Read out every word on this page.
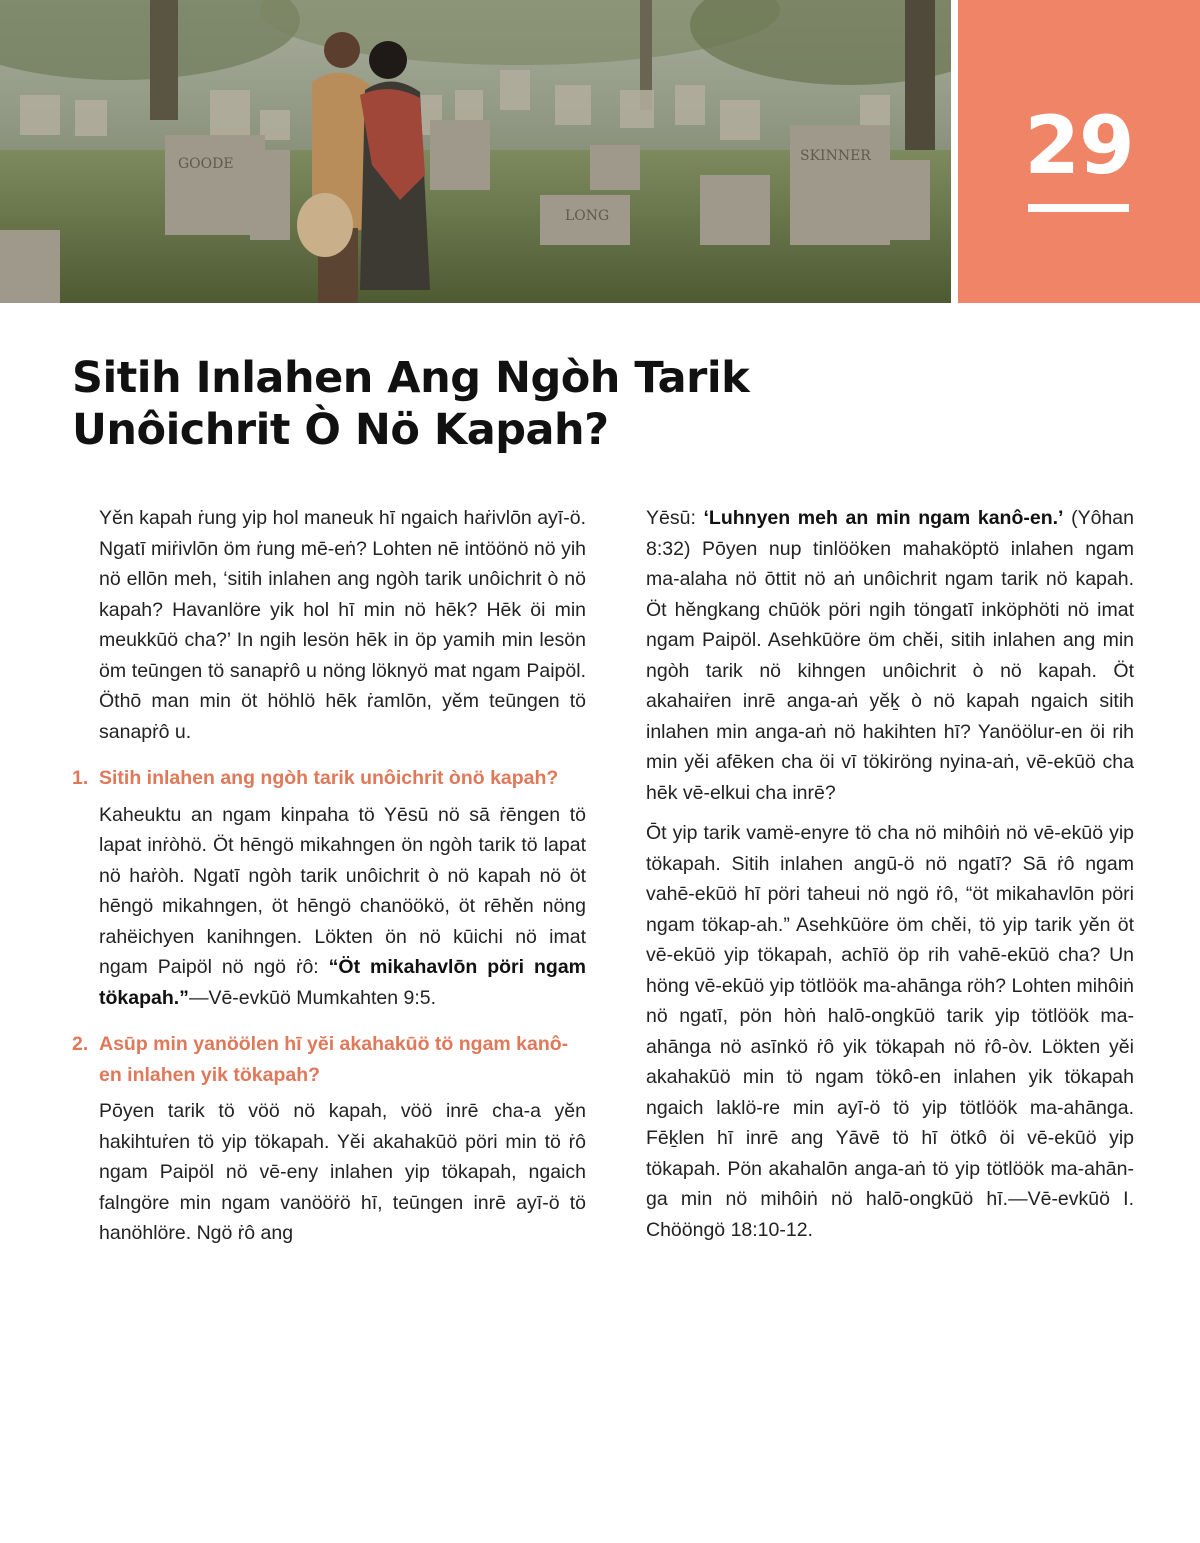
GOODE	SKINNER
LONG
29
Sitih Inlahen Ang Ngòh Tarik Unôichrit Ò Nö Kapah?

Yĕn kapah ṙung yip hol maneuk hī ngaich haṙivlōn ayī-ö. Ngatī miṙivlōn öm ṙung mē-eṅ? Lohten nē intöönö nö yih nö ellōn meh, ‘sitih inlahen ang ngòh tarik unôichrit ò nö kapah? Havanlöre yik hol hī min nö hēk? Hēk öi min meukkūö cha?’ In ngih lesön hēk in öp yamih min lesön öm teūngen tö sanapṙô u nöng löknyö mat ngam Paipöl. Öthō man min öt höhlö hēk ṙamlōn, yĕm teūngen tö sanapṙô u.

1. Sitih inlahen ang ngòh tarik unôichrit ònö kapah?

Kaheuktu an ngam kinpaha tö Yēsū nö sā ṙēngen tö lapat inṙòhö. Öt hēngö mikahngen ön ngòh tarik tö lapat nö haṙòh. Ngatī ngòh tarik unôichrit ò nö kapah nö öt hēngö mikahngen, öt hēngö chanöökö, öt rēhĕn nöng rahëichyen kanihngen. Lökten ön nö kūichi nö imat ngam Paipöl nö ngö ṙô: “Öt mikahavlōn pöri ngam tökapah.”—Vē-evkūö Mumkahten 9:5.

2. Asūp min yanöölen hī yĕi akahakūö tö ngam kanô-en inlahen yik tökapah?

Pōyen tarik tö vöö nö kapah, vöö inrē cha-a yĕn hakihtuṙen tö yip tökapah. Yĕi akahakūö pöri min tö ṙô ngam Paipöl nö vē-eny inlahen yip tökapah, ngaich falngöre min ngam vanööṙö hī, teūngen inrē ayī-ö tö hanöhlöre. Ngö ṙô ang

Yēsū: ‘Luhnyen meh an min ngam kanô-en.’ (Yôhan 8:32) Pōyen nup tinlööken mahaköptö inlahen ngam ma-alaha nö ōttit nö aṅ unôichrit ngam tarik nö kapah. Öt hĕngkang chūök pöri ngih töngatī inköphöti nö imat ngam Paipöl. Asehkūöre öm chĕi, sitih inlahen ang min ngòh tarik nö kihngen unôichrit ò nö kapah. Öt akahaiṙen inrē anga-aṅ yĕḵ ò nö kapah ngaich sitih inlahen min anga-aṅ nö hakihten hī? Yanöölur-en öi rih min yĕi afēken cha öi vī tökiröng nyina-aṅ, vē-ekūö cha hēk vē-elkui cha inrē?

Ōt yip tarik vamë-enyre tö cha nö mihôiṅ nö vē-ekūö yip tökapah. Sitih inlahen angū-ö nö ngatī? Sā ṙô ngam vahē-ekūö hī pöri taheui nö ngö ṙô, “öt mikahavlōn pöri ngam tökap-ah.” Asehkūöre öm chĕi, tö yip tarik yĕn öt vē-ekūö yip tökapah, achīö öp rih vahē-ekūö cha? Un höng vē-ekūö yip tötlöök ma-ahānga röh? Lohten mihôiṅ nö ngatī, pön hòṅ halō-ongkūö tarik yip tötlöök ma-ahānga nö asīnkö ṙô yik tökapah nö ṙô-òv. Lökten yĕi akahakūö min tö ngam tökô-en inlahen yik tökapah ngaich laklö-re min ayī-ö tö yip tötlöök ma-ahānga. Fēḵlen hī inrē ang Yāvē tö hī ötkô öi vē-ekūö yip tökapah. Pön akahalōn anga-aṅ tö yip tötlöök ma-ahān-ga min nö mihôiṅ nö halō-ongkūö hī.—Vē-evkūö I. Chööngö 18:10-12.
